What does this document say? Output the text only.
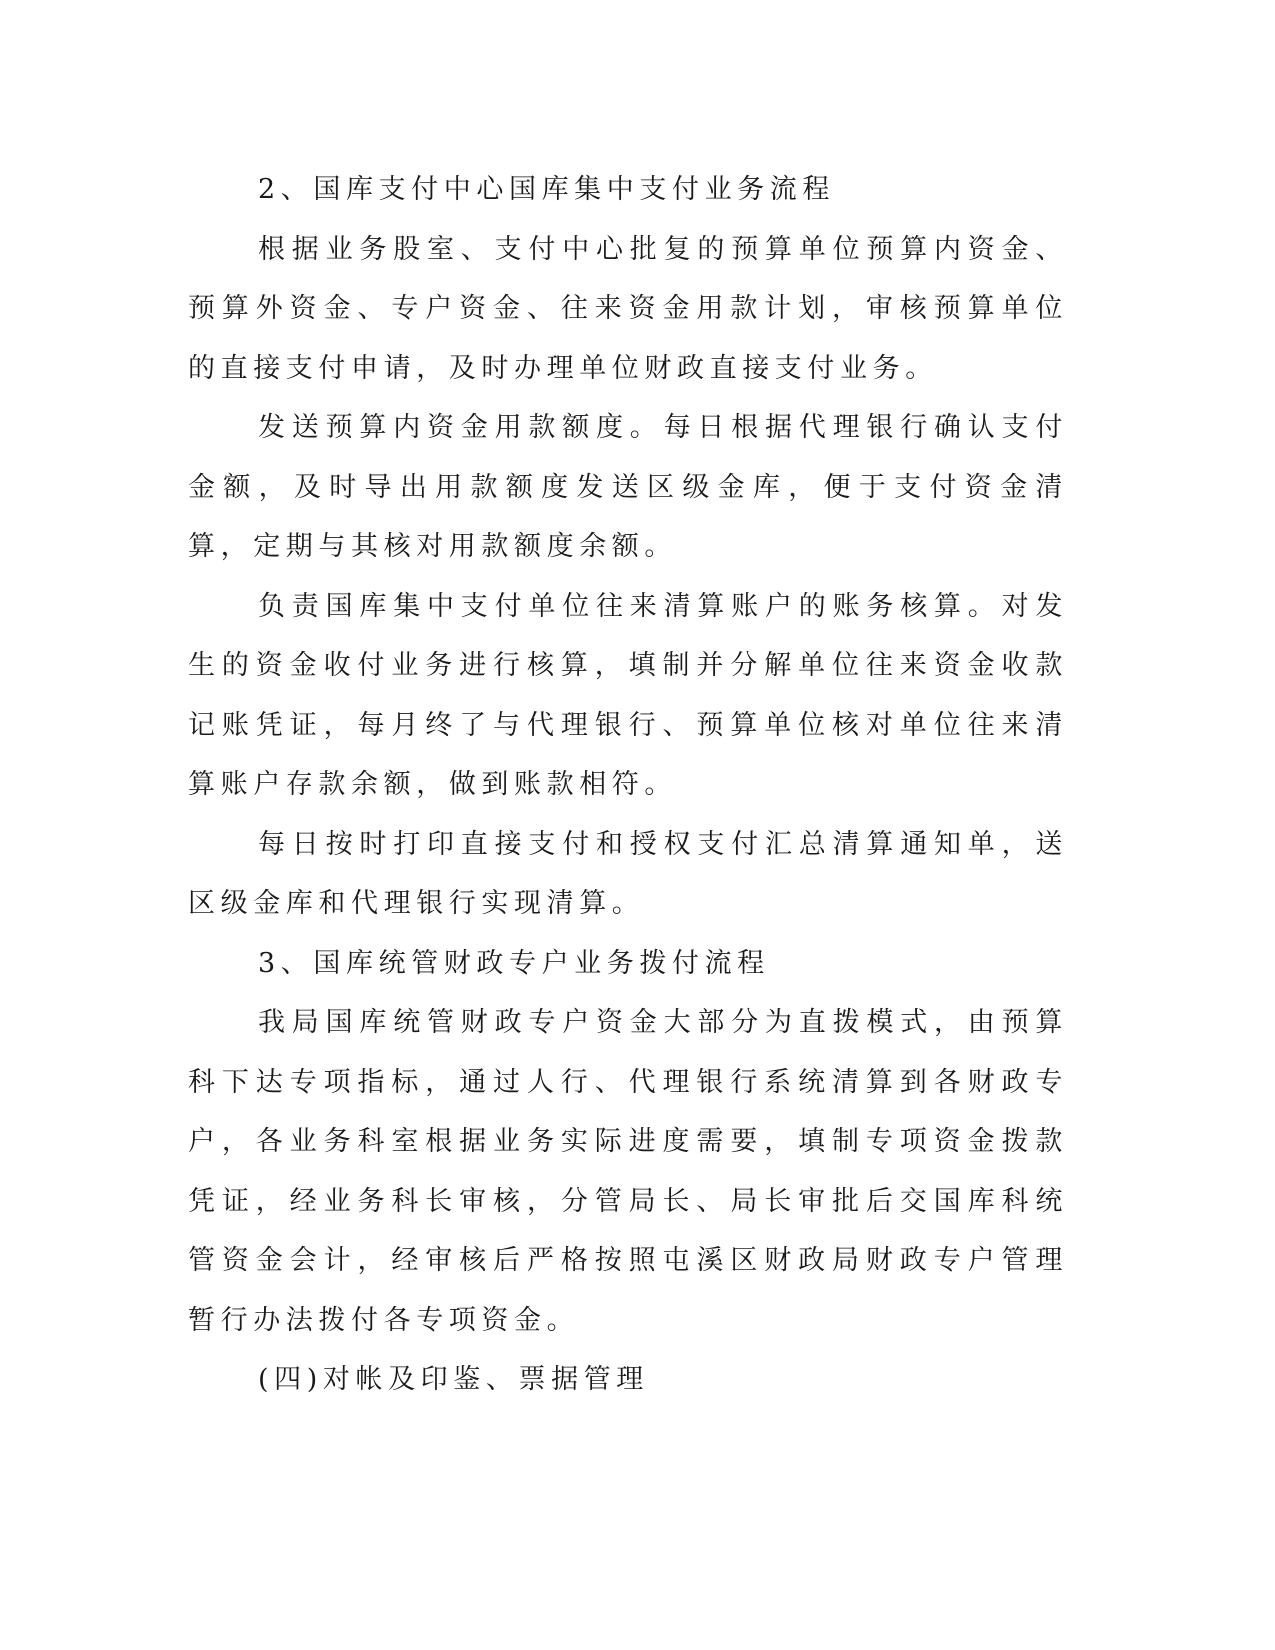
2、国库支付中心国库集中支付业务流程

根据业务股室、支付中心批复的预算单位预算内资金、预算外资金、专户资金、往来资金用款计划，审核预算单位的直接支付申请，及时办理单位财政直接支付业务。

发送预算内资金用款额度。每日根据代理银行确认支付金额，及时导出用款额度发送区级金库，便于支付资金清算，定期与其核对用款额度余额。

负责国库集中支付单位往来清算账户的账务核算。对发生的资金收付业务进行核算，填制并分解单位往来资金收款记账凭证，每月终了与代理银行、预算单位核对单位往来清算账户存款余额，做到账款相符。

每日按时打印直接支付和授权支付汇总清算通知单，送区级金库和代理银行实现清算。

3、国库统管财政专户业务拨付流程

我局国库统管财政专户资金大部分为直拨模式，由预算科下达专项指标，通过人行、代理银行系统清算到各财政专户，各业务科室根据业务实际进度需要，填制专项资金拨款凭证，经业务科长审核，分管局长、局长审批后交国库科统管资金会计，经审核后严格按照屯溪区财政局财政专户管理暂行办法拨付各专项资金。

(四)对帐及印鉴、票据管理
